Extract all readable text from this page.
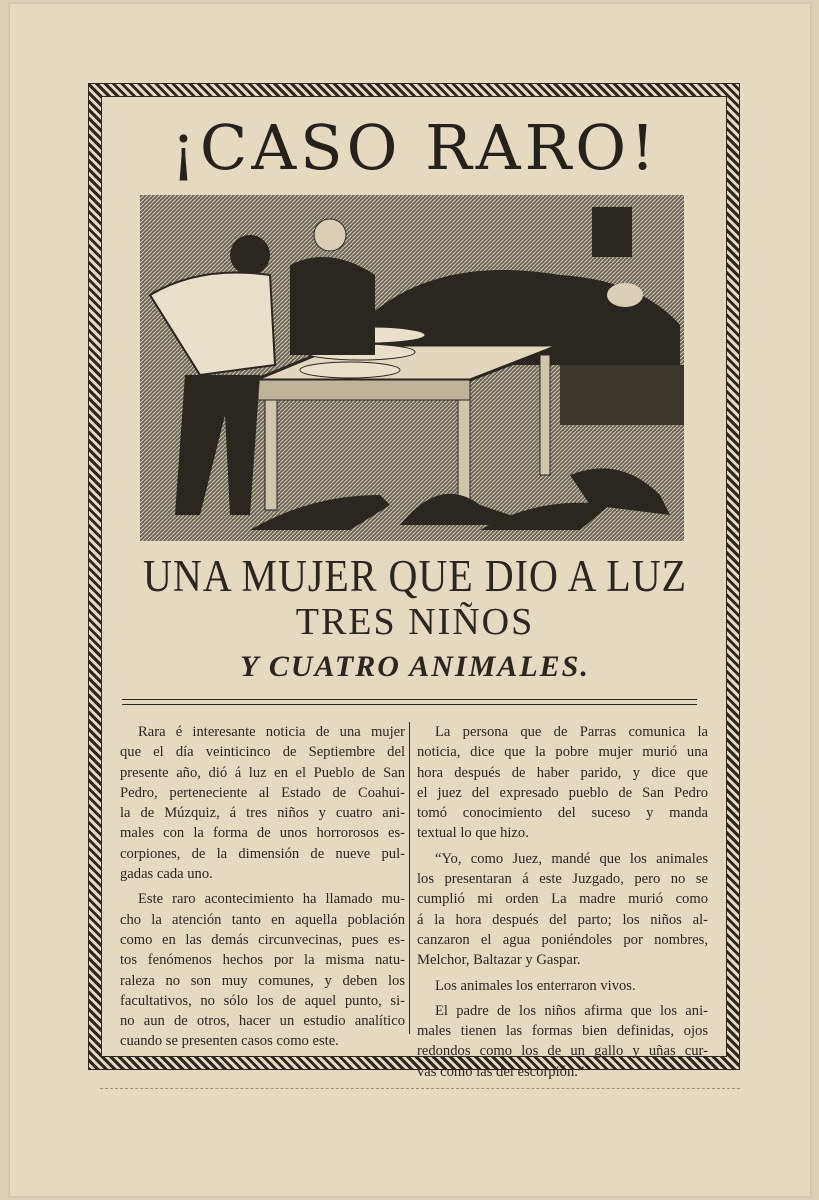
¡CASO RARO!
UNA MUJER QUE DIO A LUZ
TRES NIÑOS
Y CUATRO ANIMALES.
Rara é interesante noticia de una mujer
que el día veinticinco de Septiembre del
presente año, dió á luz en el Pueblo de San
Pedro, perteneciente al Estado de Coahui-
la de Múzquiz, á tres niños y cuatro ani-
males con la forma de unos horrorosos es-
corpiones, de la dimensión de nueve pul-
gadas cada uno.
Este raro acontecimiento ha llamado mu-
cho la atención tanto en aquella población
como en las demás circunvecinas, pues es-
tos fenómenos hechos por la misma natu-
raleza no son muy comunes, y deben los
facultativos, no sólo los de aquel punto, si-
no aun de otros, hacer un estudio analítico
cuando se presenten casos como este.
La persona que de Parras comunica la
noticia, dice que la pobre mujer murió una
hora después de haber parido, y dice que
el juez del expresado pueblo de San Pedro
tomó conocimiento del suceso y manda
textual lo que hizo.
“Yo, como Juez, mandé que los animales
los presentaran á este Juzgado, pero no se
cumplió mi orden La madre murió como
á la hora después del parto; los niños al-
canzaron el agua poniéndoles por nombres,
Melchor, Baltazar y Gaspar.
Los animales los enterraron vivos.
El padre de los niños afirma que los ani-
males tienen las formas bien definidas, ojos
redondos como los de un gallo y uñas cur-
vas como las del escorpión.”
